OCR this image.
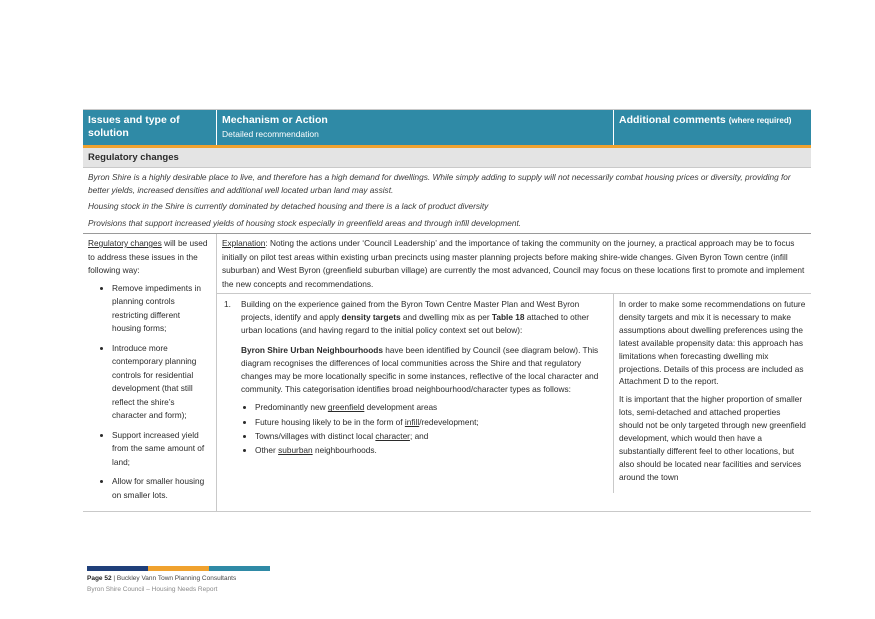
Issues and type of solution
Mechanism or Action
Detailed recommendation
Additional comments (where required)
Regulatory changes

Byron Shire is a highly desirable place to live, and therefore has a high demand for dwellings. While simply adding to supply will not necessarily combat housing prices or diversity, providing for better yields, increased densities and additional well located urban land may assist.

Housing stock in the Shire is currently dominated by detached housing and there is a lack of product diversity

Provisions that support increased yields of housing stock especially in greenfield areas and through infill development.

Regulatory changes will be used to address these issues in the following way:
• Remove impediments in planning controls restricting different housing forms;
• Introduce more contemporary planning controls for residential development (that still reflect the shire’s character and form);
• Support increased yield from the same amount of land;
• Allow for smaller housing on smaller lots.
Explanation: Noting the actions under ‘Council Leadership’ and the importance of taking the community on the journey, a practical approach may be to focus initially on pilot test areas within existing urban precincts using master planning projects before making shire-wide changes. Given Byron Town centre (infill suburban) and West Byron (greenfield suburban village) are currently the most advanced, Council may focus on these locations first to promote and implement the new concepts and recommendations.
1.	Building on the experience gained from the Byron Town Centre Master Plan and West Byron projects, identify and apply density targets and dwelling mix as per Table 18 attached to other urban locations (and having regard to the initial policy context set out below):

Byron Shire Urban Neighbourhoods have been identified by Council (see diagram below). This diagram recognises the differences of local communities across the Shire and that regulatory changes may be more locationally specific in some instances, reflective of the local character and community. This categorisation identifies broad neighbourhood/character types as follows:

• Predominantly new greenfield development areas
• Future housing likely to be in the form of infill/redevelopment;
• Towns/villages with distinct local character; and
• Other suburban neighbourhoods.

In order to make some recommendations on future density targets and mix it is necessary to make assumptions about dwelling preferences using the latest available propensity data: this approach has limitations when forecasting dwelling mix projections. Details of this process are included as Attachment D to the report.

It is important that the higher proportion of smaller lots, semi-detached and attached properties should not be only targeted through new greenfield development, which would then have a substantially different feel to other locations, but also should be located near facilities and services around the town

Page 52 | Buckley Vann Town Planning Consultants
Byron Shire Council – Housing Needs Report
